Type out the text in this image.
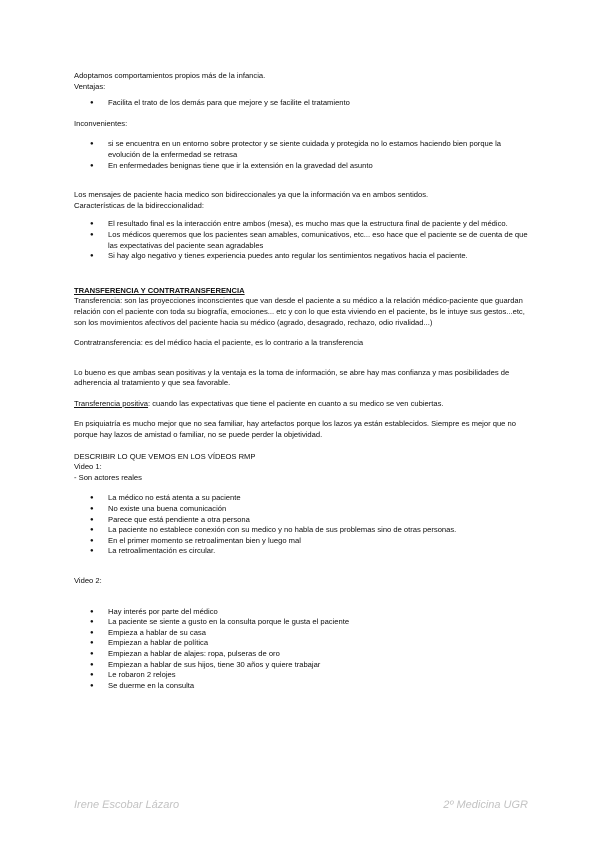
Adoptamos comportamientos propios más de la infancia.

Ventajas:

● Facilita el trato de los demás para que mejore y se facilite el tratamiento

Inconvenientes:

● si se encuentra en un entorno sobre protector y se siente cuidada y protegida no lo estamos haciendo bien porque la evolución de la enfermedad se retrasa
● En enfermedades benignas tiene que ir la extensión en la gravedad del asunto

Los mensajes de paciente hacia medico son bidireccionales ya que la información va en ambos sentidos.

Características de la bidireccionalidad:

● El resultado final es la interacción entre ambos (mesa), es mucho mas que la estructura final de paciente y del médico.
● Los médicos queremos que los pacientes sean amables, comunicativos, etc... eso hace que el paciente se de cuenta de que las expectativas del paciente sean agradables
● Si hay algo negativo y tienes experiencia puedes anto regular los sentimientos negativos hacia el paciente.

TRANSFERENCIA Y CONTRATRANSFERENCIA

Transferencia: son las proyecciones inconscientes que van desde el paciente a su médico a la relación médico-paciente que guardan relación con el paciente con toda su biografía, emociones... etc y con lo que esta viviendo en el paciente, bs le intuye sus gestos...etc, son los movimientos afectivos del paciente hacia su médico (agrado, desagrado, rechazo, odio rivalidad...)

Contratransferencia: es del médico hacia el paciente, es lo contrario a la transferencia

Lo bueno es que ambas sean positivas y la ventaja es la toma de información, se abre hay mas confianza y mas posibilidades de adherencia al tratamiento y que sea favorable.

Transferencia positiva: cuando las expectativas que tiene el paciente en cuanto a su medico se ven cubiertas.

En psiquiatría es mucho mejor que no sea familiar, hay artefactos porque los lazos ya están establecidos. Siempre es mejor que no porque hay lazos de amistad o familiar, no se puede perder la objetividad.

DESCRIBIR LO QUE VEMOS EN LOS VÍDEOS RMP

Video 1:

- Son actores reales

● La médico no está atenta a su paciente
● No existe una buena comunicación
● Parece que está pendiente a otra persona
● La paciente no establece conexión con su medico y no habla de sus problemas sino de otras personas.
● En el primer momento se retroalimentan bien y luego mal
● La retroalimentación es circular.

Video 2:

● Hay interés por parte del médico
● La paciente se siente a gusto en la consulta porque le gusta el paciente
● Empieza a hablar de su casa
● Empiezan a hablar de política
● Empiezan a hablar de alajes: ropa, pulseras de oro
● Empiezan a hablar de sus hijos, tiene 30 años y quiere trabajar
● Le robaron 2 relojes
● Se duerme en la consulta
Irene Escobar Lázaro	2º Medicina UGR
